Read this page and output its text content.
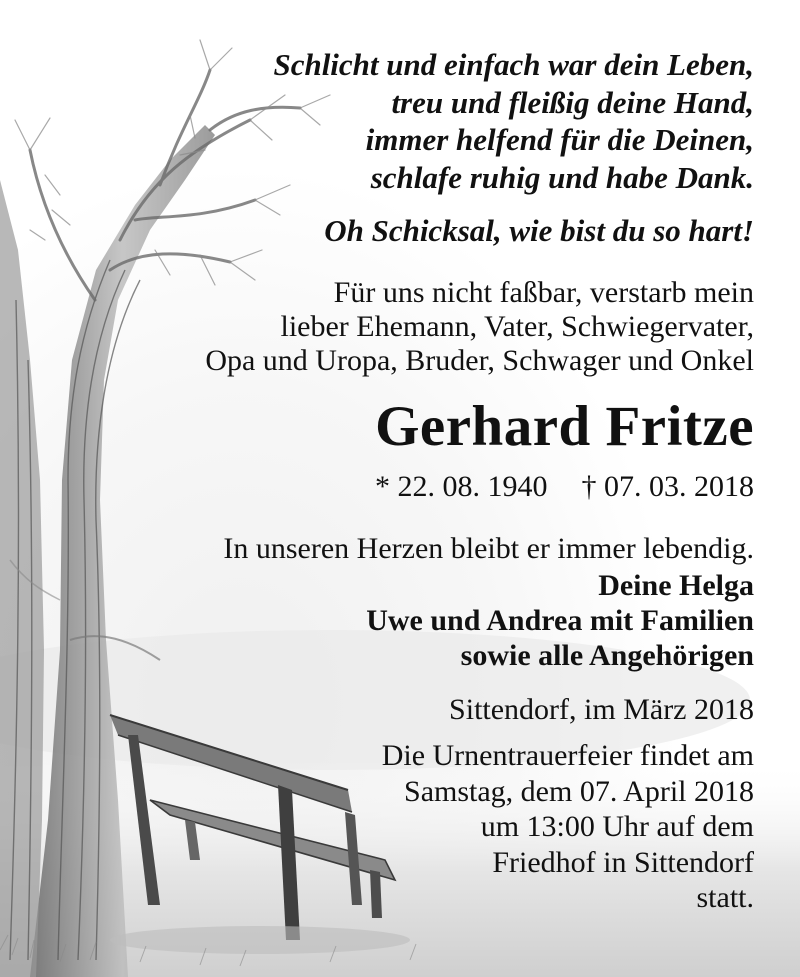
Schlicht und einfach war dein Leben,
treu und fleißig deine Hand,
immer helfend für die Deinen,
schlafe ruhig und habe Dank.
Oh Schicksal, wie bist du so hart!
Für uns nicht faßbar, verstarb mein
lieber Ehemann, Vater, Schwiegervater,
Opa und Uropa, Bruder, Schwager und Onkel
Gerhard Fritze
* 22. 08. 1940 † 07. 03. 2018
In unseren Herzen bleibt er immer lebendig.
Deine Helga
Uwe und Andrea mit Familien
sowie alle Angehörigen
Sittendorf, im März 2018
Die Urnentrauerfeier findet am
Samstag, dem 07. April 2018
um 13:00 Uhr auf dem
Friedhof in Sittendorf
statt.
